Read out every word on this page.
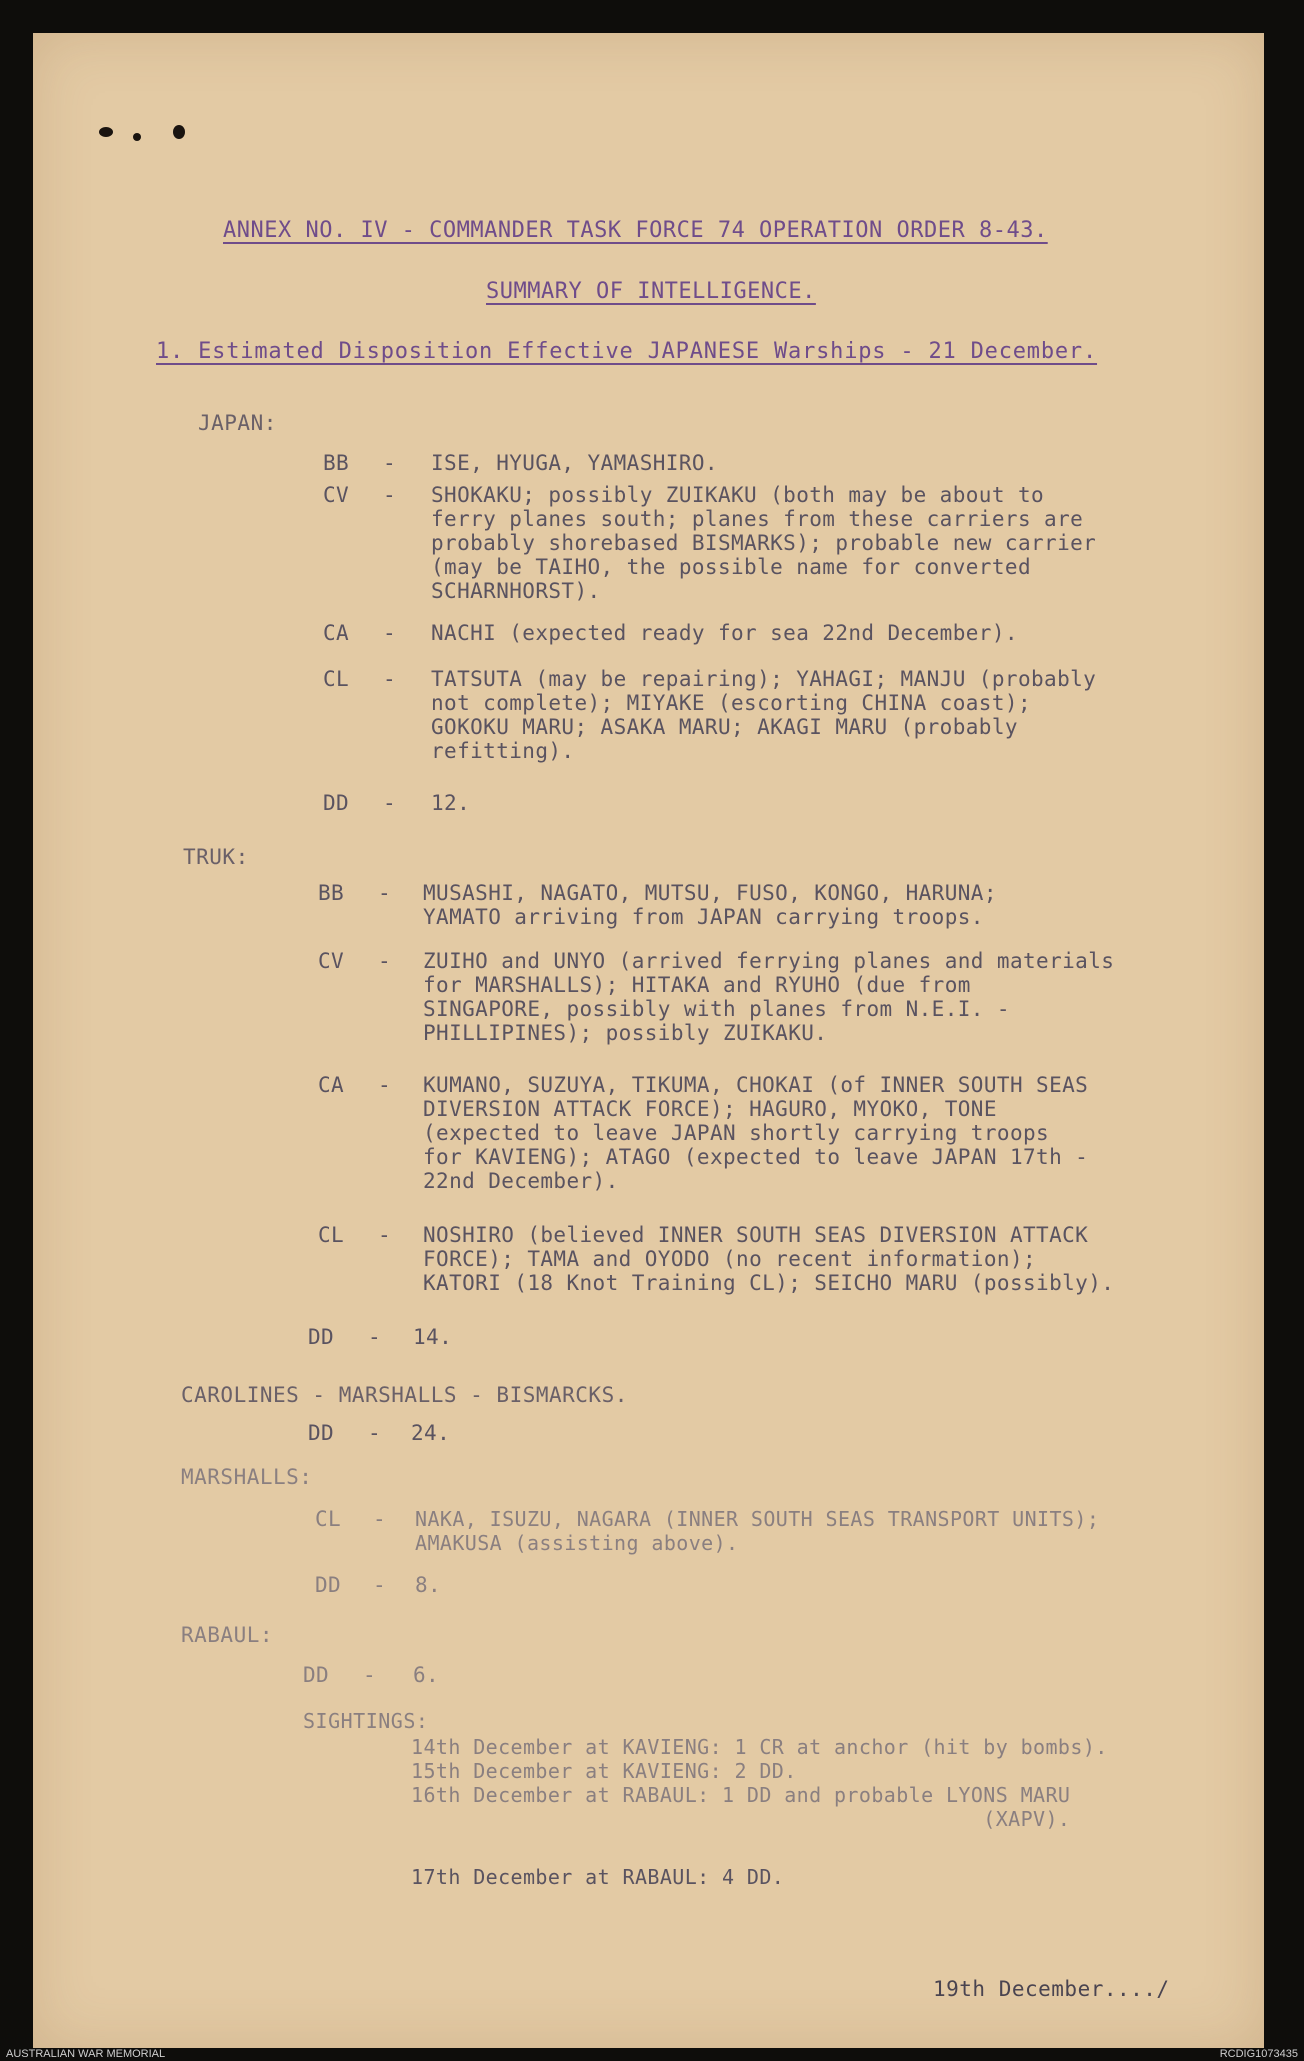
ANNEX NO. IV - COMMANDER TASK FORCE 74 OPERATION ORDER 8-43.
SUMMARY OF INTELLIGENCE.
1. Estimated Disposition Effective JAPANESE Warships - 21 December.
JAPAN:
BB - ISE, HYUGA, YAMASHIRO.
CV - SHOKAKU; possibly ZUIKAKU (both may be about to
ferry planes south; planes from these carriers are
probably shorebased BISMARKS); probable new carrier
(may be TAIHO, the possible name for converted
SCHARNHORST).
CA - NACHI (expected ready for sea 22nd December).
CL - TATSUTA (may be repairing); YAHAGI; MANJU (probably
not complete); MIYAKE (escorting CHINA coast);
GOKOKU MARU; ASAKA MARU; AKAGI MARU (probably
refitting).
DD - 12.
TRUK:
BB - MUSASHI, NAGATO, MUTSU, FUSO, KONGO, HARUNA;
YAMATO arriving from JAPAN carrying troops.
CV - ZUIHO and UNYO (arrived ferrying planes and materials
for MARSHALLS); HITAKA and RYUHO (due from
SINGAPORE, possibly with planes from N.E.I. -
PHILLIPINES); possibly ZUIKAKU.
CA - KUMANO, SUZUYA, TIKUMA, CHOKAI (of INNER SOUTH SEAS
DIVERSION ATTACK FORCE); HAGURO, MYOKO, TONE
(expected to leave JAPAN shortly carrying troops
for KAVIENG); ATAGO (expected to leave JAPAN 17th -
22nd December).
CL - NOSHIRO (believed INNER SOUTH SEAS DIVERSION ATTACK
FORCE); TAMA and OYODO (no recent information);
KATORI (18 Knot Training CL); SEICHO MARU (possibly).
DD - 14.
CAROLINES - MARSHALLS - BISMARCKS.
DD - 24.
MARSHALLS:
CL - NAKA, ISUZU, NAGARA (INNER SOUTH SEAS TRANSPORT UNITS);
AMAKUSA (assisting above).
DD - 8.
RABAUL:
DD - 6.
SIGHTINGS:
14th December at KAVIENG: 1 CR at anchor (hit by bombs).
15th December at KAVIENG: 2 DD.
16th December at RABAUL: 1 DD and probable LYONS MARU
(XAPV).
17th December at RABAUL: 4 DD.
19th December..../
AUSTRALIAN WAR MEMORIAL	RCDIG1073435
